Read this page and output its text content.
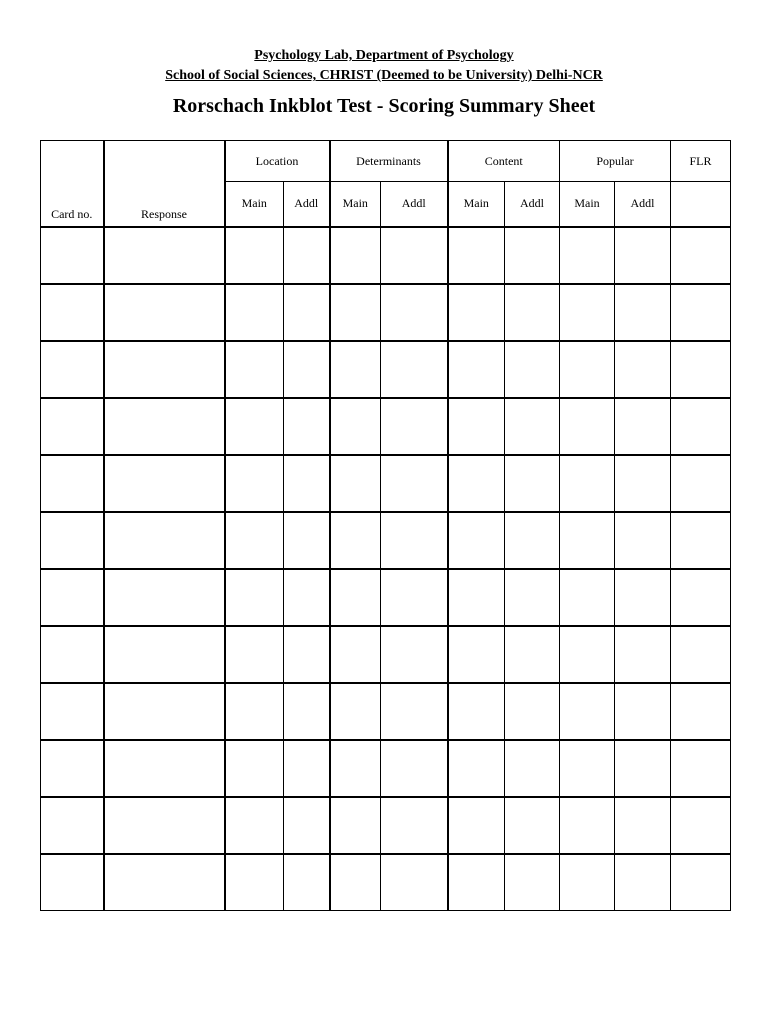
Psychology Lab, Department of Psychology

School of Social Sciences, CHRIST (Deemed to be University) Delhi-NCR

Rorschach Inkblot Test - Scoring Summary Sheet
		Location		Determinants		Content		Popular		FLR
Card no.	Response	Main	Addl	Main	Addl	Main	Addl	Main	Addl	
